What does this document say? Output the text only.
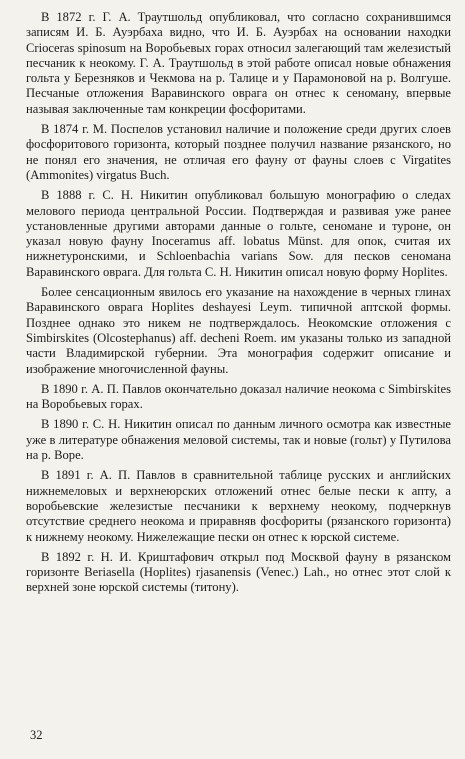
В 1872 г. Г. А. Траутшольд опубликовал, что согласно сохранившимся записям И. Б. Ауэрбаха видно, что И. Б. Ауэрбах на основании находки Crioceras spinosum на Воробьевых горах относил залегающий там железистый песчаник к неокому. Г. А. Траутшольд в этой работе описал новые обнажения гольта у Березняков и Чекмова на р. Талице и у Парамоновой на р. Волгуше. Песчаные отложения Варавинского оврага он отнес к сеноману, впервые называя заключенные там конкреции фосфоритами.

В 1874 г. М. Поспелов установил наличие и положение среди других слоев фосфоритового горизонта, который позднее получил название рязанского, но не понял его значения, не отличая его фауну от фауны слоев с Virgatites (Ammonites) virgatus Buch.

В 1888 г. С. Н. Никитин опубликовал большую монографию о следах мелового периода центральной России. Подтверждая и развивая уже ранее установленные другими авторами данные о гольте, сеномане и туроне, он указал новую фауну Inoceramus aff. lobatus Münst. для опок, считая их нижнетуронскими, и Schloenbachia varians Sow. для песков сеномана Варавинского оврага. Для гольта С. Н. Никитин описал новую форму Hoplites.

Более сенсационным явилось его указание на нахождение в черных глинах Варавинского оврага Hoplites deshayesi Leym. типичной аптской формы. Позднее однако это никем не подтверждалось. Неокомские отложения с Simbirskites (Olcostephanus) aff. decheni Roem. им указаны только из западной части Владимирской губернии. Эта монография содержит описание и изображение многочисленной фауны.

В 1890 г. А. П. Павлов окончательно доказал наличие неокома с Simbirskites на Воробьевых горах.

В 1890 г. С. Н. Никитин описал по данным личного осмотра как известные уже в литературе обнажения меловой системы, так и новые (гольт) у Путилова на р. Воре.

В 1891 г. А. П. Павлов в сравнительной таблице русских и английских нижнемеловых и верхнеюрских отложений отнес белые пески к апту, а воробьевские железистые песчаники к верхнему неокому, подчеркнув отсутствие среднего неокома и приравняв фосфориты (рязанского горизонта) к нижнему неокому. Нижележащие пески он отнес к юрской системе.

В 1892 г. Н. И. Криштафович открыл под Москвой фауну в рязанском горизонте Beriasella (Hoplites) rjasanensis (Venec.) Lah., но отнес этот слой к верхней зоне юрской системы (титону).

32
